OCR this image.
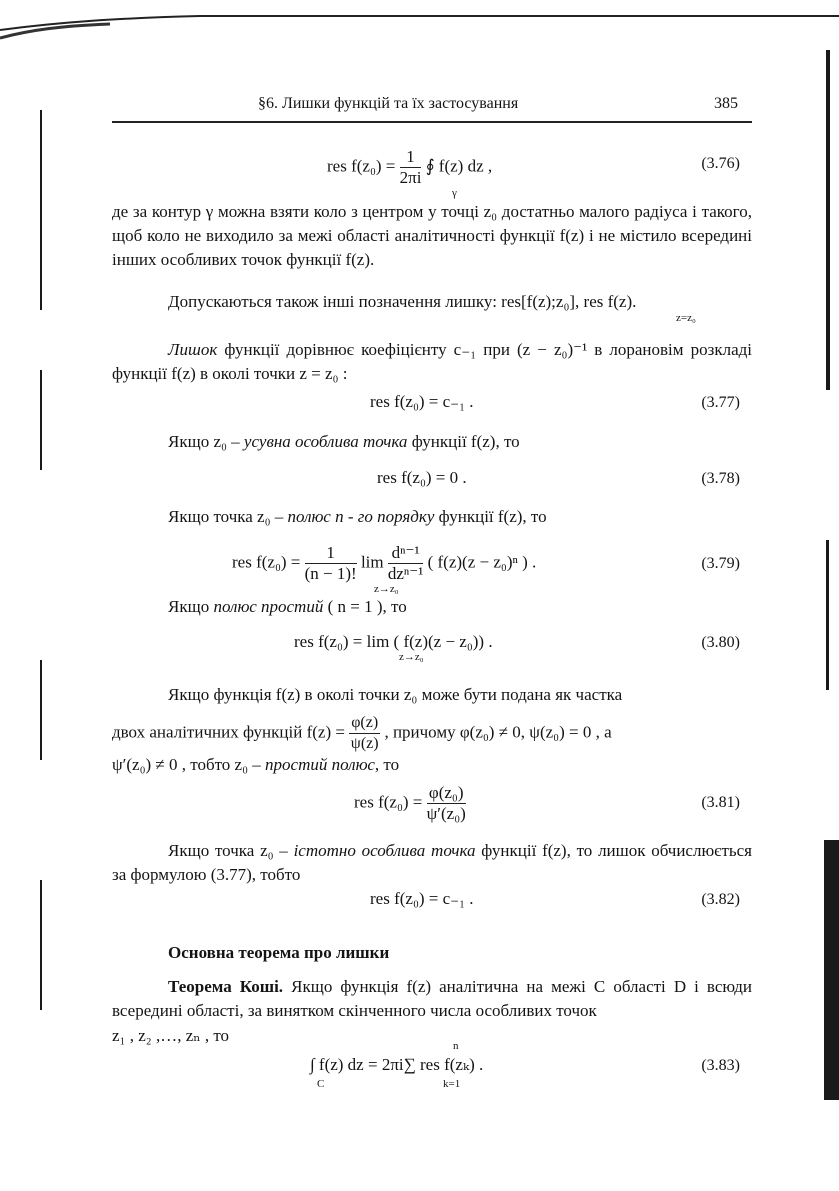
§6. Лишки функцій та їх застосування	385
res $f(z_0) = \frac{1}{2\pi i}$ ∮ f(z) dz ,
γ
(3.76)
де за контур γ можна взяти коло з центром у точці z₀ достатньо малого радіуса і такого, щоб коло не виходило за межі області аналітичності функції f(z) і не містило всередині інших особливих точок функції f(z).
Допускаються також інші позначення лишку: res[f(z);z₀], res f(z).
z=z₀
Лишок функції дорівнює коефіцієнту c₋₁ при (z − z₀)⁻¹ в лорановім розкладі функції f(z) в околі точки z = z₀ :
res f(z₀) = c₋₁ .	(3.77)
Якщо z₀ – усувна особлива точка функції f(z), то
res f(z₀) = 0 .	(3.78)
Якщо точка z₀ – полюс n - го порядку функції f(z), то
res $f(z_0) = \frac{1}{(n - 1)!}$ $\lim \frac{\text{dⁿ⁻¹}}{\text{dzⁿ⁻¹}}$ ( f(z)(z − z₀)ⁿ ) .
z→z₀
(3.79)
Якщо полюс простий ( n = 1 ), то
res f(z₀) = lim ( f(z)(z − z₀)) .
z→z₀
(3.80)
Якщо функція f(z) в околі точки z₀ може бути подана як частка
двох аналітичних функцій $f(z) = \frac{\varphi(z)}{\psi(z)}$ , причому φ(z₀) ≠ 0, ψ(z₀) = 0 , а
ψ′(z₀) ≠ 0 , тобто z₀ – простий полюс, то
res $f(z_0) = \frac{\text{φ(z₀)}}{\text{ψ′(z₀)}}$	(3.81)
Якщо точка z₀ – істотно особлива точка функції f(z), то лишок обчислюється за формулою (3.77), тобто
res f(z₀) = c₋₁ .	(3.82)
Основна теорема про лишки
Теорема Коші. Якщо функція f(z) аналітична на межі C області D і всюди всередині області, за винятком скінченного числа особливих точок
z₁ , z₂ ,…, zₙ , то
n
∫ f(z) dz = 2πi∑ res f(zₖ) .
C	k=1
(3.83)
